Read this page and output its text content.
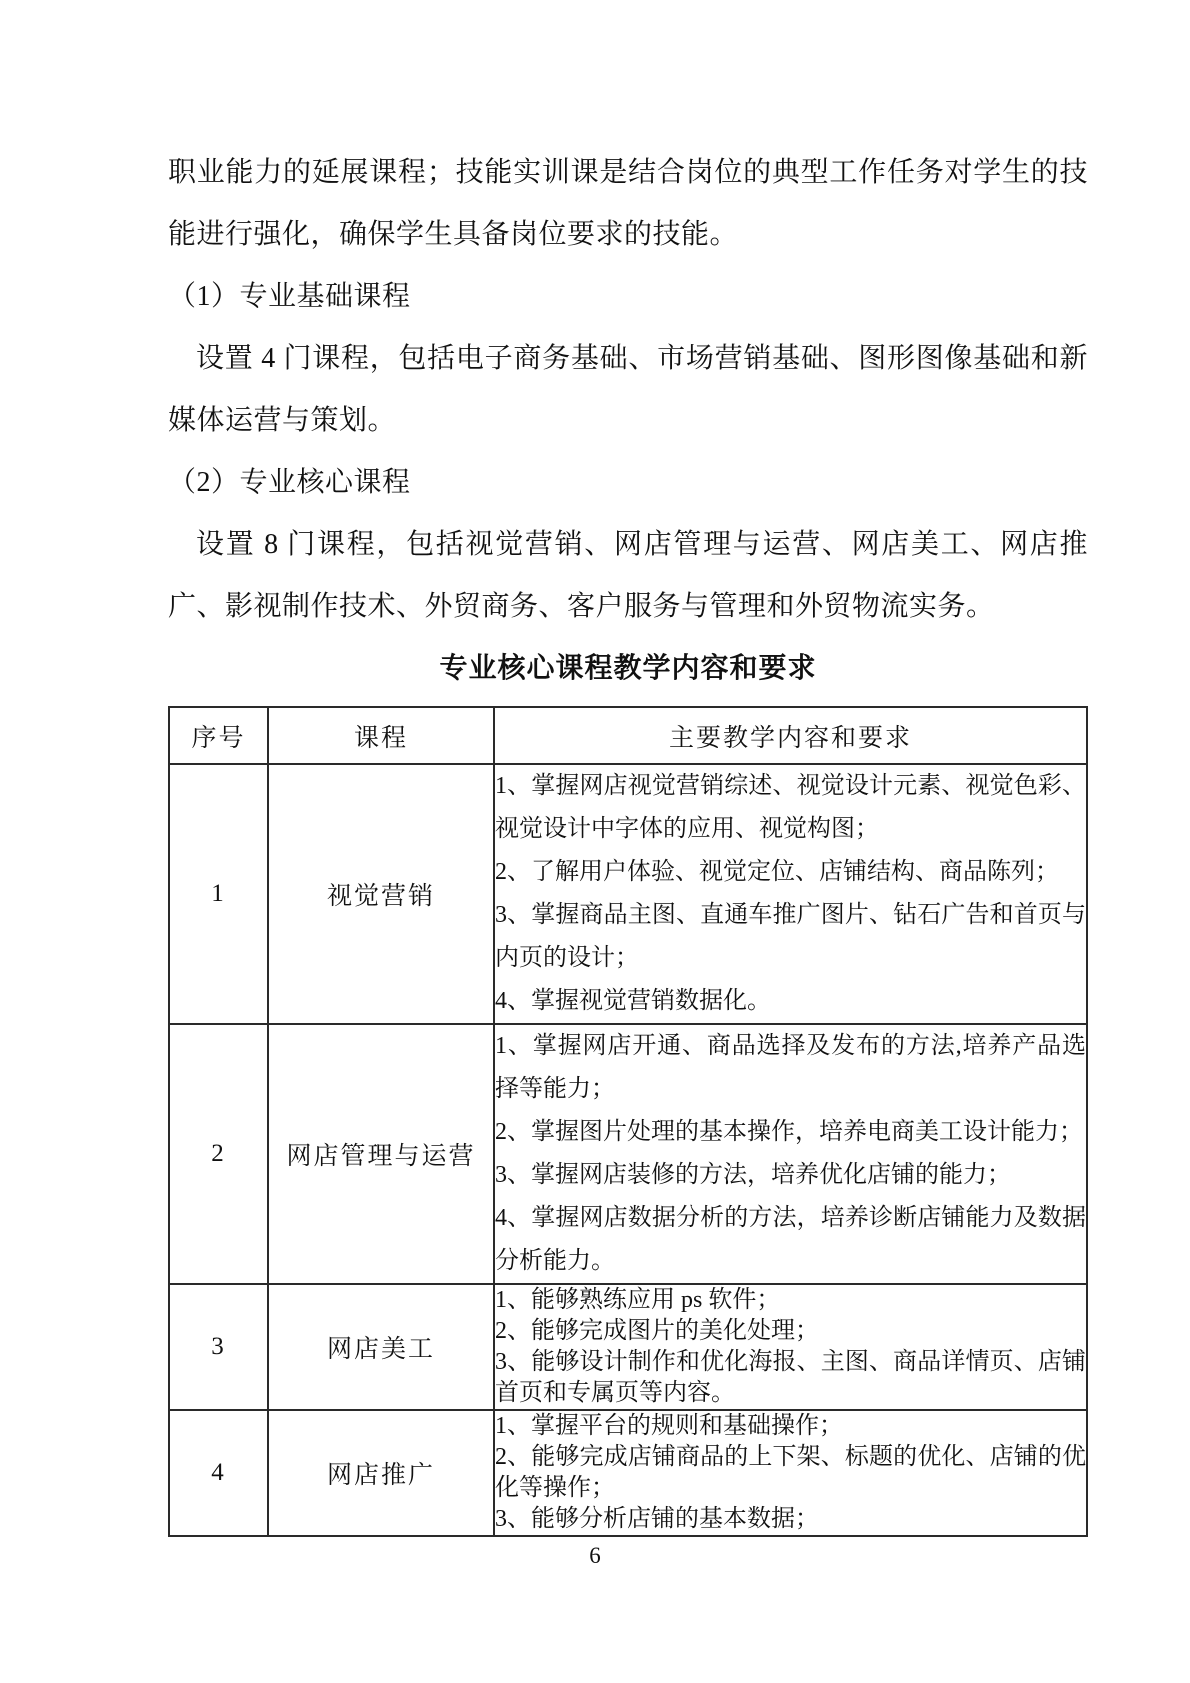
职业能力的延展课程；技能实训课是结合岗位的典型工作任务对学生的技能进行强化，确保学生具备岗位要求的技能。

（1）专业基础课程

设置 4 门课程，包括电子商务基础、市场营销基础、图形图像基础和新媒体运营与策划。

（2）专业核心课程

设置 8 门课程，包括视觉营销、网店管理与运营、网店美工、网店推广、影视制作技术、外贸商务、客户服务与管理和外贸物流实务。

专业核心课程教学内容和要求
序号	课程	主要教学内容和要求
1	视觉营销	1、掌握网店视觉营销综述、视觉设计元素、视觉色彩、视觉设计中字体的应用、视觉构图；
2、了解用户体验、视觉定位、店铺结构、商品陈列；
3、掌握商品主图、直通车推广图片、钻石广告和首页与内页的设计；
4、掌握视觉营销数据化。

2	网店管理与运营	1、掌握网店开通、商品选择及发布的方法,培养产品选择等能力；
2、掌握图片处理的基本操作，培养电商美工设计能力；
3、掌握网店装修的方法，培养优化店铺的能力；
4、掌握网店数据分析的方法，培养诊断店铺能力及数据分析能力。

3	网店美工	1、能够熟练应用 ps 软件；
2、能够完成图片的美化处理；
3、能够设计制作和优化海报、主图、商品详情页、店铺首页和专属页等内容。

4	网店推广	1、掌握平台的规则和基础操作；
2、能够完成店铺商品的上下架、标题的优化、店铺的优化等操作；
3、能够分析店铺的基本数据；
6
